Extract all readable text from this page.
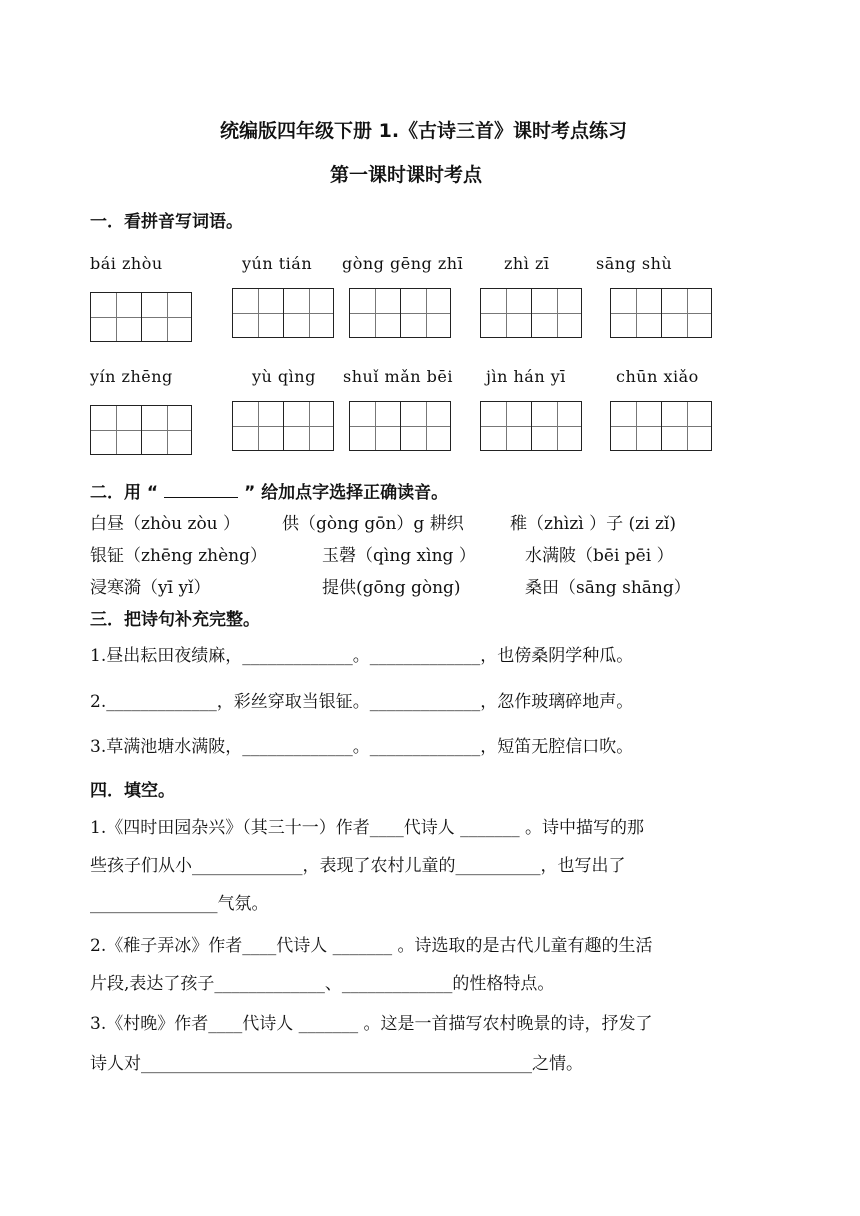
统编版四年级下册 1.《古诗三首》课时考点练习
第一课时课时考点
一．看拼音写词语。
bái zhòu	yún tián gòng gēng zhī	zhì zī	sāng shù
yín zhēng	yù qìng shuǐ mǎn bēi jìn hán yī	chūn xiǎo
二．用 “	” 给加点字选择正确读音。
白昼（zhòu zòu ） 供（gòng gōn）g 耕织	稚（zhìzì ）子 (zi zǐ)
银钲（zhēng zhèng）	玉磬（qìng xìng ）	水满陂（bēi pēi ）
浸寒漪（yī yǐ）	提供(gōng gòng)	桑田（sāng shāng）
三．把诗句补充完整。
1.昼出耘田夜绩麻，_____________。_____________，也傍桑阴学种瓜。
2._____________，彩丝穿取当银钲。_____________，忽作玻璃碎地声。
3.草满池塘水满陂，_____________。_____________，短笛无腔信口吹。
四．填空。
1.《四时田园杂兴》（其三十一）作者____代诗人 _______ 。诗中描写的那
些孩子们从小_____________，表现了农村儿童的__________，也写出了
_______________气氛。
2.《稚子弄冰》作者____代诗人 _______ 。诗选取的是古代儿童有趣的生活
片段,表达了孩子_____________、_____________的性格特点。
3.《村晚》作者____代诗人 _______ 。这是一首描写农村晚景的诗，抒发了
诗人对______________________________________________之情。
